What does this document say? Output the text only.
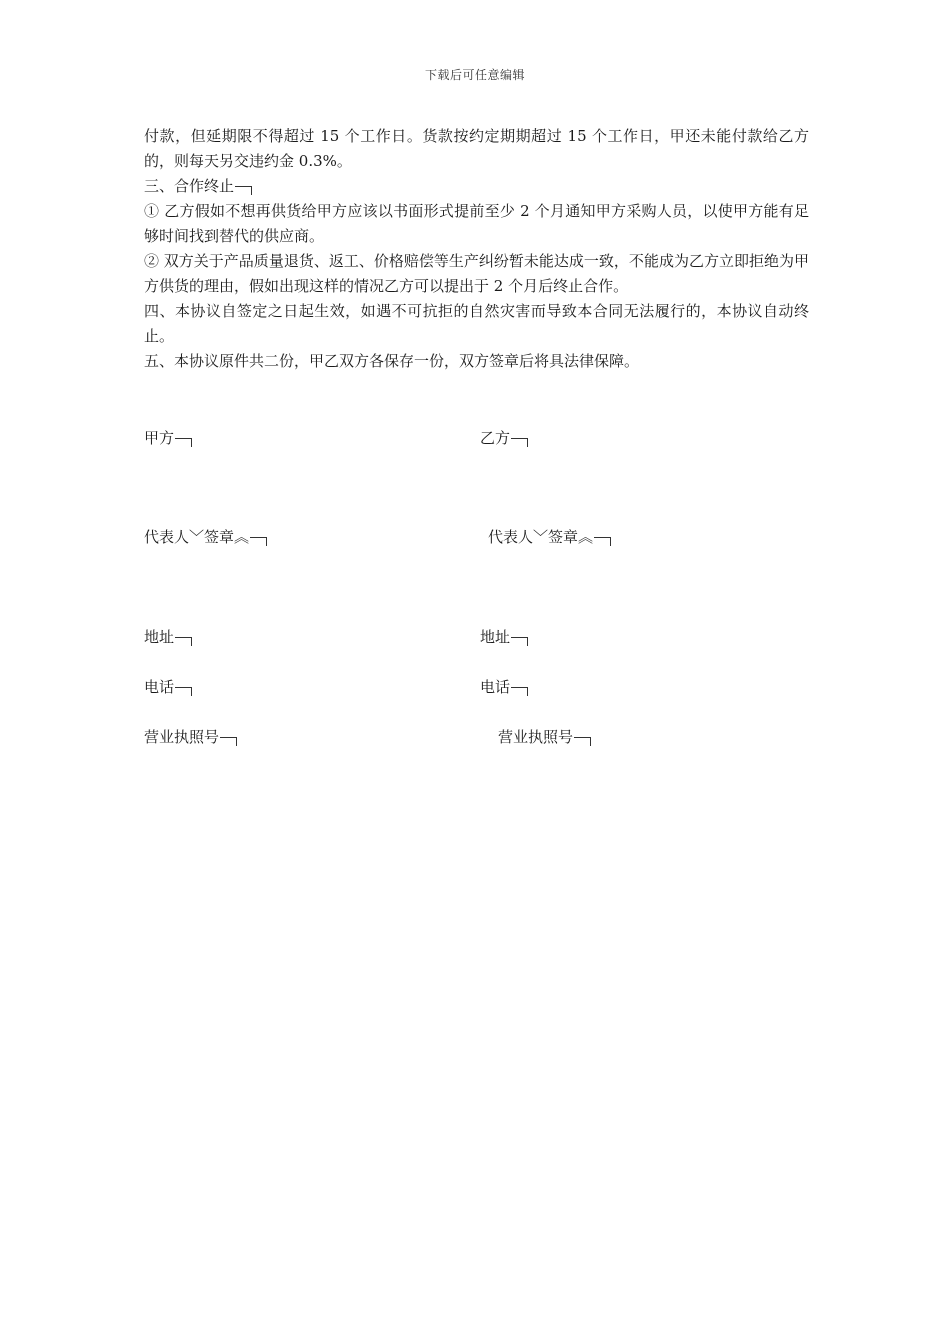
下载后可任意编辑

付款，但延期限不得超过 15 个工作日。货款按约定期期超过 15 个工作日，甲还未能付款给乙方的，则每天另交违约金 0.3%。

三、合作终止

① 乙方假如不想再供货给甲方应该以书面形式提前至少 2 个月通知甲方采购人员，以使甲方能有足够时间找到替代的供应商。

② 双方关于产品质量退货、返工、价格赔偿等生产纠纷暂未能达成一致，不能成为乙方立即拒绝为甲方供货的理由，假如出现这样的情况乙方可以提出于 2 个月后终止合作。

四、本协议自签定之日起生效，如遇不可抗拒的自然灾害而导致本合同无法履行的，本协议自动终止。

五、本协议原件共二份，甲乙双方各保存一份，双方签章后将具法律保障。

甲方	乙方
代表人﹀签章︽	代表人﹀签章︽
地址	地址
电话	电话
营业执照号	营业执照号
